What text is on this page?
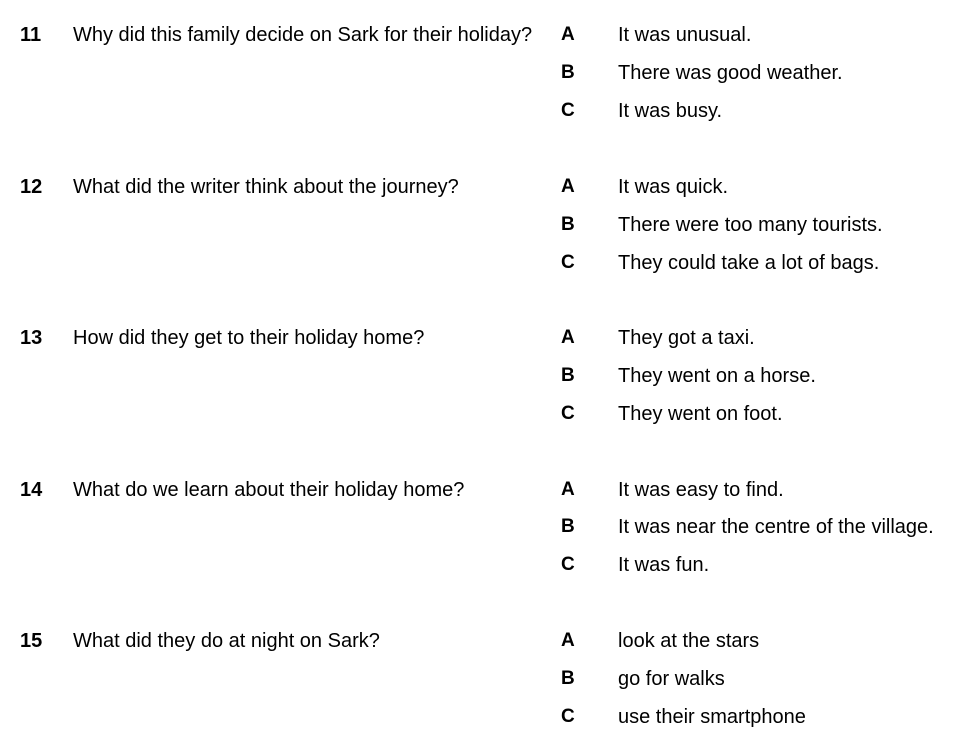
11 Why did this family decide on Sark for their holiday?	A It was unusual.
B There was good weather.
C It was busy.
12 What did the writer think about the journey?	A It was quick.
B There were too many tourists.
C They could take a lot of bags.
13 How did they get to their holiday home?	A They got a taxi.
B They went on a horse.
C They went on foot.
14 What do we learn about their holiday home?	A It was easy to find.
B It was near the centre of the village.
C It was fun.
15 What did they do at night on Sark?	A look at the stars
B go for walks
C use their smartphone
